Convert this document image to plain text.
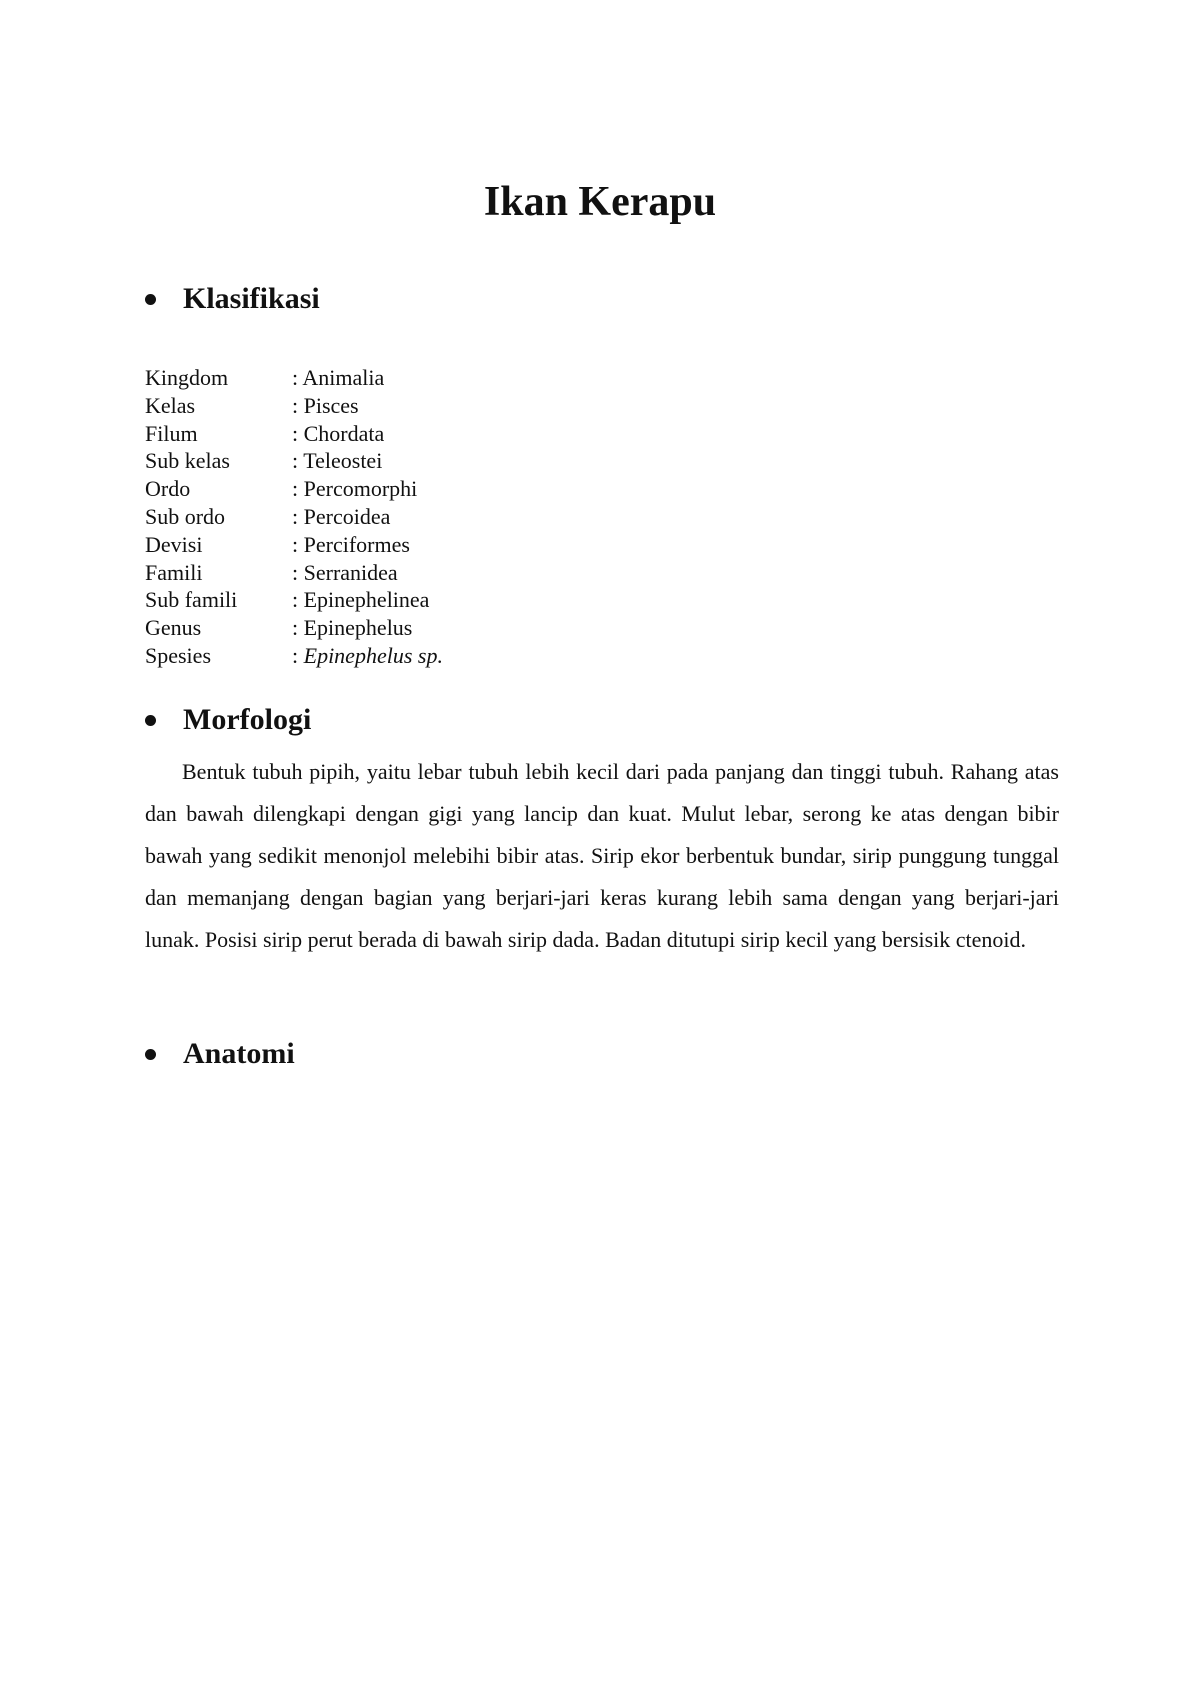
Ikan Kerapu
Klasifikasi
Kingdom	: Animalia
Kelas	: Pisces
Filum	: Chordata
Sub kelas	: Teleostei
Ordo	: Percomorphi
Sub ordo	: Percoidea
Devisi	: Perciformes
Famili	: Serranidea
Sub famili	: Epinephelinea
Genus	: Epinephelus
Spesies	: Epinephelus sp.
Morfologi

Bentuk tubuh pipih, yaitu lebar tubuh lebih kecil dari pada panjang dan tinggi tubuh. Rahang atas dan bawah dilengkapi dengan gigi yang lancip dan kuat. Mulut lebar, serong ke atas dengan bibir bawah yang sedikit menonjol melebihi bibir atas. Sirip ekor berbentuk bundar, sirip punggung tunggal dan memanjang dengan bagian yang berjari-jari keras kurang lebih sama dengan yang berjari-jari lunak. Posisi sirip perut berada di bawah sirip dada. Badan ditutupi sirip kecil yang bersisik ctenoid.

Anatomi
